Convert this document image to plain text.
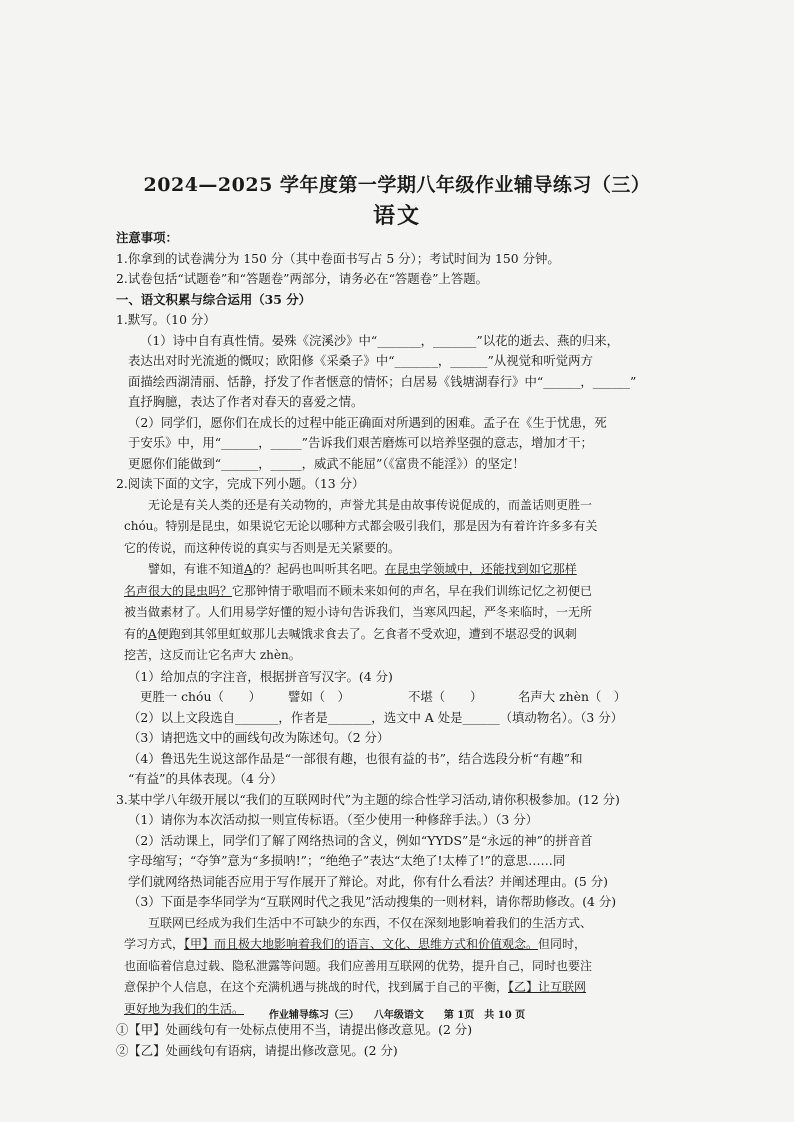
2024—2025 学年度第一学期八年级作业辅导练习（三）
语文
注意事项：
1.你拿到的试卷满分为 150 分（其中卷面书写占 5 分）；考试时间为 150 分钟。
2.试卷包括“试题卷”和“答题卷”两部分，请务必在“答题卷”上答题。
一、语文积累与综合运用（35 分）
1.默写。（10 分）
（1）诗中自有真性情。晏殊《浣溪沙》中“_______，_______”以花的逝去、燕的归来，
表达出对时光流逝的慨叹；欧阳修《采桑子》中“_______，______”从视觉和听觉两方
面描绘西湖清丽、恬静，抒发了作者惬意的情怀；白居易《钱塘湖春行》中“______，______”
直抒胸臆，表达了作者对春天的喜爱之情。
（2）同学们，愿你们在成长的过程中能正确面对所遇到的困难。孟子在《生于忧患，死
于安乐》中，用“______，_____”告诉我们艰苦磨炼可以培养坚强的意志，增加才干；
更愿你们能做到“______，_____，威武不能屈”（《富贵不能淫》）的坚定！
2.阅读下面的文字，完成下列小题。（13 分）
无论是有关人类的还是有关动物的，声誉尤其是由故事传说促成的，而盖话则更胜一
chóu。特别是昆虫，如果说它无论以哪种方式都会吸引我们，那是因为有着许许多多有关
它的传说，而这种传说的真实与否则是无关紧要的。
譬如，有谁不知道A的？起码也叫听其名吧。在昆虫学领域中，还能找到如它那样
名声很大的昆虫吗？它那钟情于歌唱而不顾未来如何的声名，早在我们训练记忆之初便已
被当做素材了。人们用易学好懂的短小诗句告诉我们，当寒风四起，严冬来临时，一无所
有的A便跑到其邻里虹蚁那儿去喊饿求食去了。乞食者不受欢迎，遭到不堪忍受的讽刺
挖苦，这反而让它名声大 zhèn。
（1）给加点的字注音，根据拼音写汉字。(4 分)
更胜一 chóu（　　） 譬如（　）	不堪（　　）	名声大 zhèn（　）
（2）以上文段选自_______，作者是_______，选文中 A 处是______（填动物名）。（3 分）
（3）请把选文中的画线句改为陈述句。（2 分）
（4）鲁迅先生说这部作品是“一部很有趣，也很有益的书”，结合选段分析“有趣”和
“有益”的具体表现。（4 分）
3.某中学八年级开展以“我们的互联网时代”为主题的综合性学习活动,请你积极参加。(12 分)
（1）请你为本次活动拟一则宣传标语。（至少使用一种修辞手法。）（3 分）
（2）活动课上，同学们了解了网络热词的含义，例如“YYDS”是“永远的神”的拼音首
字母缩写；“夺笋”意为“多损呐!”；“绝绝子”表达“太绝了!太棒了!”的意思……同
学们就网络热词能否应用于写作展开了辩论。对此，你有什么看法？并阐述理由。(5 分)
（3）下面是李华同学为“互联网时代之我见”活动搜集的一则材料，请你帮助修改。(4 分)
互联网已经成为我们生活中不可缺少的东西，不仅在深刻地影响着我们的生活方式、
学习方式，【甲】而且极大地影响着我们的语言、文化、思维方式和价值观念。但同时，
也面临着信息过载、隐私泄露等问题。我们应善用互联网的优势，提升自己，同时也要注
意保护个人信息，在这个充满机遇与挑战的时代，找到属于自己的平衡，【乙】让互联网
更好地为我们的生活。
①【甲】处画线句有一处标点使用不当，请提出修改意见。(2 分)
②【乙】处画线句有语病，请提出修改意见。(2 分)
作业辅导练习（三）　　八年级语文　　第 1页　共 10 页
